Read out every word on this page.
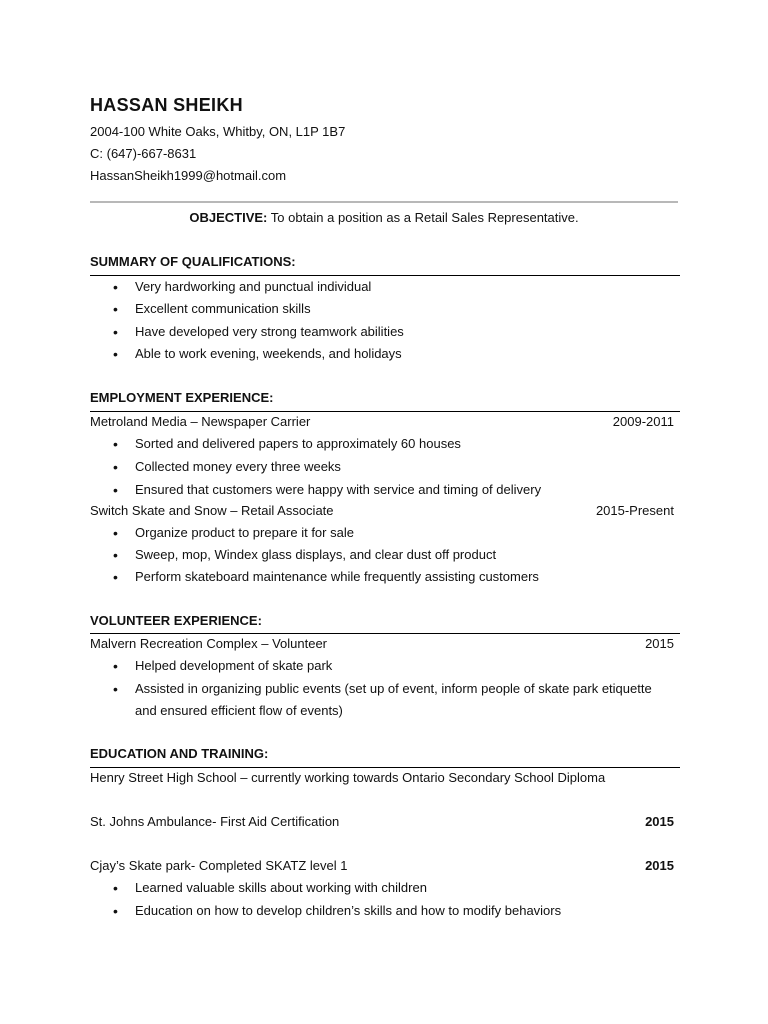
HASSAN SHEIKH
2004-100 White Oaks, Whitby, ON, L1P 1B7
C: (647)-667-8631
HassanSheikh1999@hotmail.com
OBJECTIVE: To obtain a position as a Retail Sales Representative.
SUMMARY OF QUALIFICATIONS:
• Very hardworking and punctual individual
• Excellent communication skills
• Have developed very strong teamwork abilities
• Able to work evening, weekends, and holidays
EMPLOYMENT EXPERIENCE:
Metroland Media – Newspaper Carrier	2009-2011
• Sorted and delivered papers to approximately 60 houses
• Collected money every three weeks
• Ensured that customers were happy with service and timing of delivery
Switch Skate and Snow – Retail Associate	2015-Present
• Organize product to prepare it for sale
• Sweep, mop, Windex glass displays, and clear dust off product
• Perform skateboard maintenance while frequently assisting customers
VOLUNTEER EXPERIENCE:
Malvern Recreation Complex – Volunteer	2015
• Helped development of skate park
• Assisted in organizing public events (set up of event, inform people of skate park etiquette and ensured efficient flow of events)
EDUCATION AND TRAINING:
Henry Street High School – currently working towards Ontario Secondary School Diploma
St. Johns Ambulance- First Aid Certification	2015
Cjay’s Skate park- Completed SKATZ level 1	2015
• Learned valuable skills about working with children
• Education on how to develop children’s skills and how to modify behaviors
